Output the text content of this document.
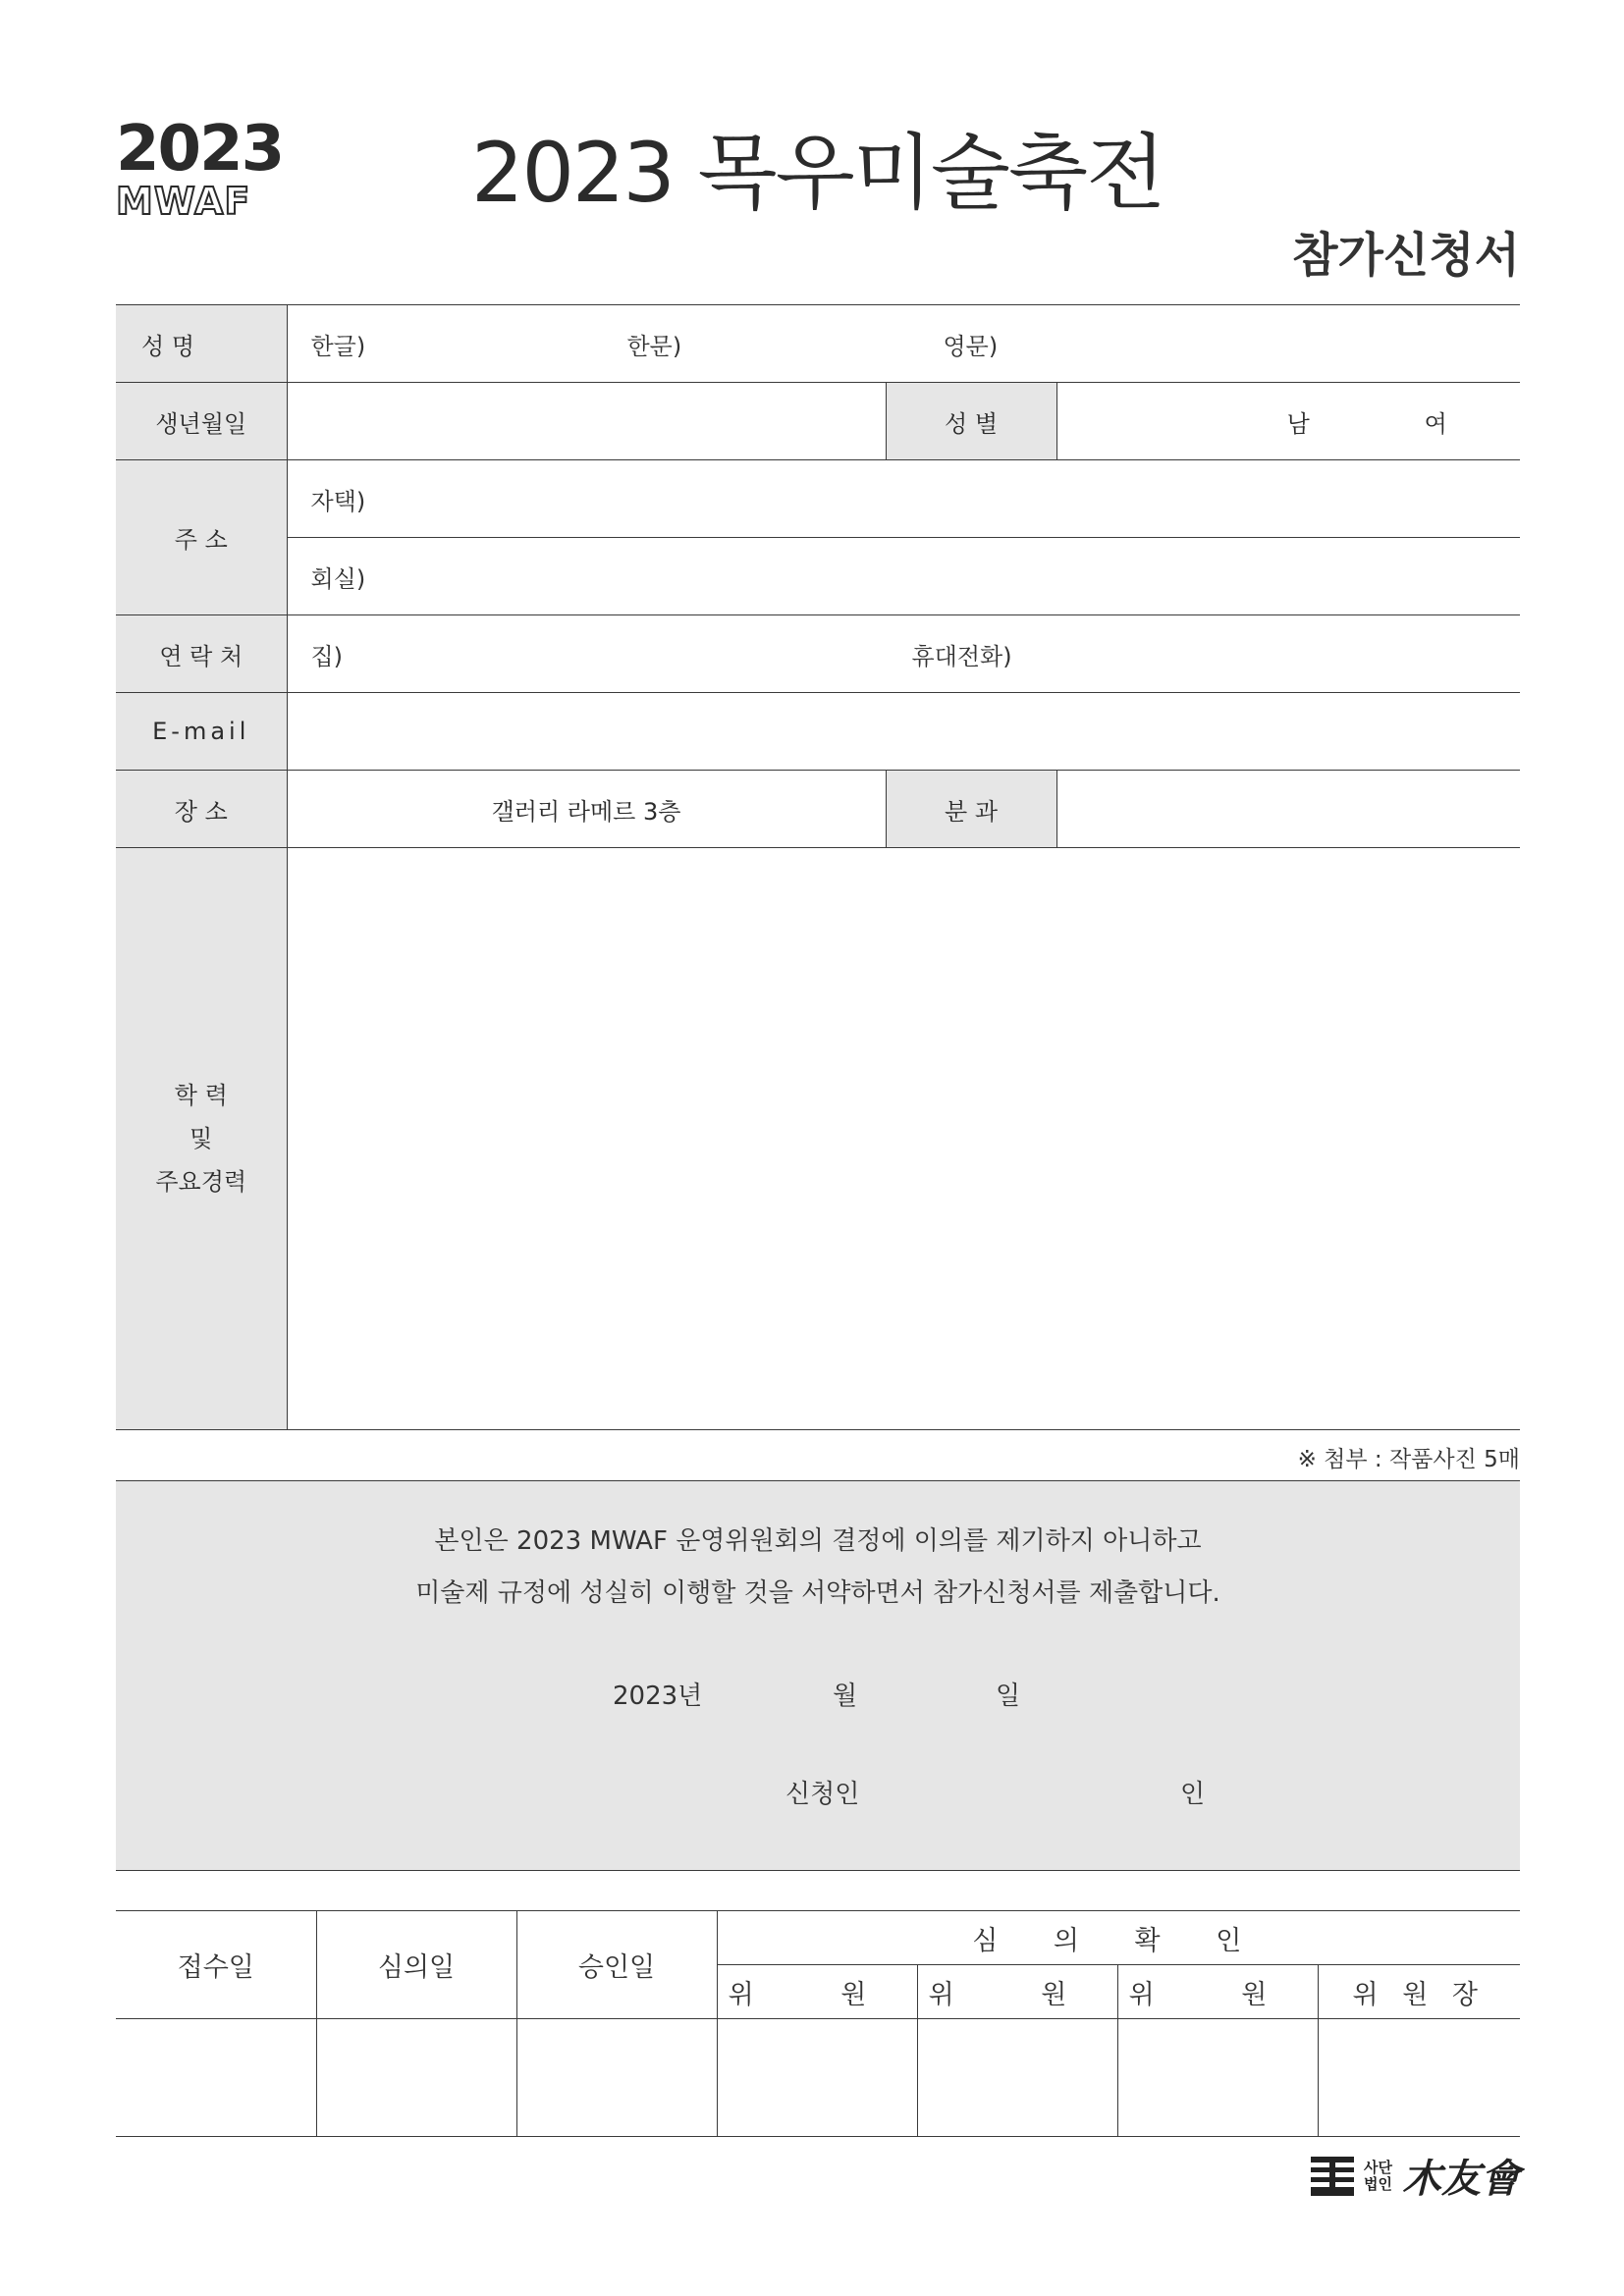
2023
MWAF	2023 목우미술축전
참가신청서
성 명	한글) 한문) 영문)		
생년월일		성 별	남 여
주 소	자택)		
	회실)		
연 락 처	집) 휴대전화)		
E-mail			
장 소	갤러리 라메르 3층	분 과	

학 력
및
주요경력			

※ 첨부 : 작품사진 5매
본인은 2023 MWAF 운영위원회의 결정에 이의를 제기하지 아니하고
미술제 규정에 성실히 이행할 것을 서약하면서 참가신청서를 제출합니다.
2023년	월	일
신청인	인
접수일	심의일	승인일	심 의 확 인			
			위 원	위 원	위 원	위 원 장

사단
법인 木友會
